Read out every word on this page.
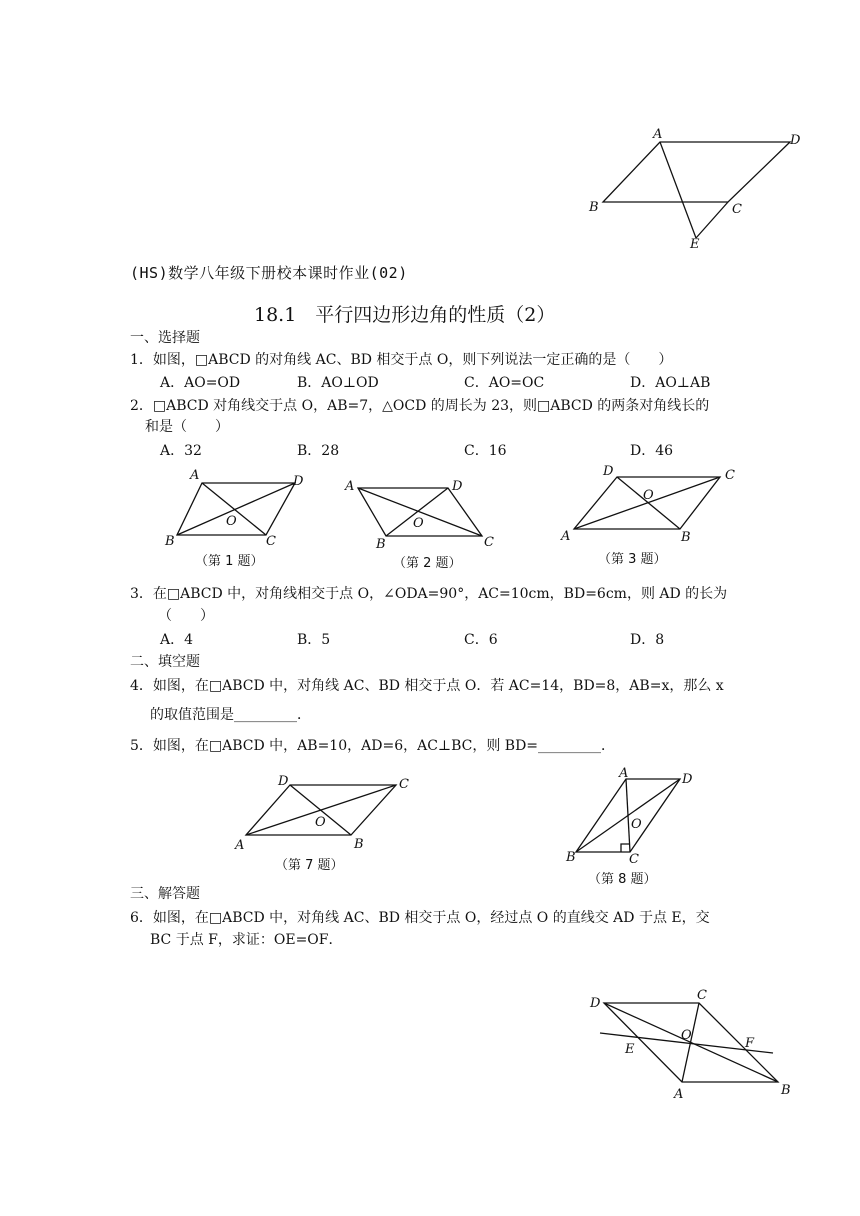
A	D
B	C
E
(HS)数学八年级下册校本课时作业(02)
18.1　平行四边形边角的性质（2）
一、选择题
1．如图，□ABCD 的对角线 AC、BD 相交于点 O，则下列说法一定正确的是（　　）
A．AO=OD	B．AO⊥OD	C．AO=OC	D．AO⊥AB
2．□ABCD 对角线交于点 O，AB=7，△OCD 的周长为 23，则□ABCD 的两条对角线长的
和是（　　）
A．32	B．28	C．16	D．46
A	D
B	C
O
（第 1 题）
A	D
B	C
O
（第 2 题）
D	C
A	B
O
（第 3 题）
3．在□ABCD 中，对角线相交于点 O，∠ODA=90°，AC=10cm，BD=6cm，则 AD 的长为
（　　）
A．4	B．5	C．6	D．8
二、填空题
4．如图，在□ABCD 中，对角线 AC、BD 相交于点 O．若 AC=14，BD=8，AB=x，那么 x
的取值范围是_________．
5．如图，在□ABCD 中，AB=10，AD=6，AC⊥BC，则 BD=_________．
D	C
A	B
O
（第 7 题）
A	D
B	C
O
（第 8 题）
三、解答题
6．如图，在□ABCD 中，对角线 AC、BD 相交于点 O，经过点 O 的直线交 AD 于点 E，交
BC 于点 F，求证：OE=OF．
D
C
E
O
F
A	B
